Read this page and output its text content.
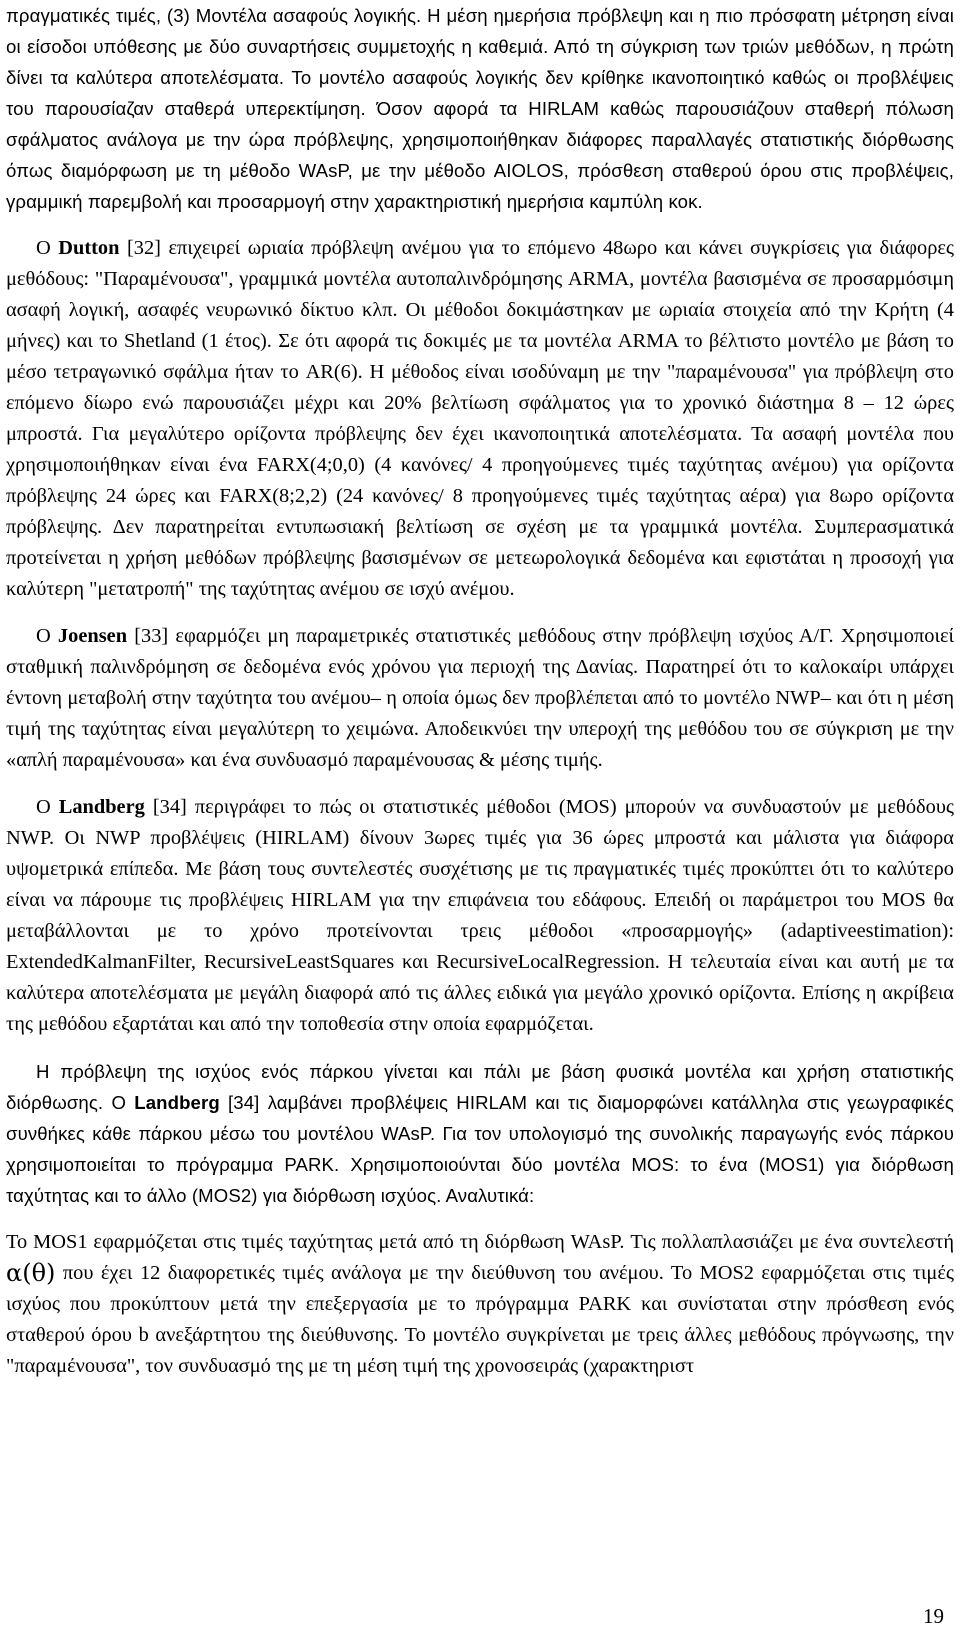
πραγματικές τιμές, (3) Μοντέλα ασαφούς λογικής. Η μέση ημερήσια πρόβλεψη και η πιο πρόσφατη μέτρηση είναι οι είσοδοι υπόθεσης με δύο συναρτήσεις συμμετοχής η καθεμιά. Από τη σύγκριση των τριών μεθόδων, η πρώτη δίνει τα καλύτερα αποτελέσματα. Το μοντέλο ασαφούς λογικής δεν κρίθηκε ικανοποιητικό καθώς οι προβλέψεις του παρουσίαζαν σταθερά υπερεκτίμηση. Όσον αφορά τα HIRLAM καθώς παρουσιάζουν σταθερή πόλωση σφάλματος ανάλογα με την ώρα πρόβλεψης, χρησιμοποιήθηκαν διάφορες παραλλαγές στατιστικής διόρθωσης όπως διαμόρφωση με τη μέθοδο WAsP, με την μέθοδο AIOLOS, πρόσθεση σταθερού όρου στις προβλέψεις, γραμμική παρεμβολή και προσαρμογή στην χαρακτηριστική ημερήσια καμπύλη κοκ.

Ο Dutton [32] επιχειρεί ωριαία πρόβλεψη ανέμου για το επόμενο 48ωρο και κάνει συγκρίσεις για διάφορες μεθόδους: "Παραμένουσα", γραμμικά μοντέλα αυτοπαλινδρόμησης ARMA, μοντέλα βασισμένα σε προσαρμόσιμη ασαφή λογική, ασαφές νευρωνικό δίκτυο κλπ. Οι μέθοδοι δοκιμάστηκαν με ωριαία στοιχεία από την Κρήτη (4 μήνες) και το Shetland (1 έτος). Σε ότι αφορά τις δοκιμές με τα μοντέλα ARMA το βέλτιστο μοντέλο με βάση το μέσο τετραγωνικό σφάλμα ήταν το AR(6). Η μέθοδος είναι ισοδύναμη με την "παραμένουσα" για πρόβλεψη στο επόμενο δίωρο ενώ παρουσιάζει μέχρι και 20% βελτίωση σφάλματος για το χρονικό διάστημα 8 – 12 ώρες μπροστά. Για μεγαλύτερο ορίζοντα πρόβλεψης δεν έχει ικανοποιητικά αποτελέσματα. Τα ασαφή μοντέλα που χρησιμοποιήθηκαν είναι ένα FARX(4;0,0) (4 κανόνες/ 4 προηγούμενες τιμές ταχύτητας ανέμου) για ορίζοντα πρόβλεψης 24 ώρες και FARX(8;2,2) (24 κανόνες/ 8 προηγούμενες τιμές ταχύτητας αέρα) για 8ωρο ορίζοντα πρόβλεψης. Δεν παρατηρείται εντυπωσιακή βελτίωση σε σχέση με τα γραμμικά μοντέλα. Συμπερασματικά προτείνεται η χρήση μεθόδων πρόβλεψης βασισμένων σε μετεωρολογικά δεδομένα και εφιστάται η προσοχή για καλύτερη "μετατροπή" της ταχύτητας ανέμου σε ισχύ ανέμου.

Ο Joensen [33] εφαρμόζει μη παραμετρικές στατιστικές μεθόδους στην πρόβλεψη ισχύος Α/Γ. Χρησιμοποιεί σταθμική παλινδρόμηση σε δεδομένα ενός χρόνου για περιοχή της Δανίας. Παρατηρεί ότι το καλοκαίρι υπάρχει έντονη μεταβολή στην ταχύτητα του ανέμου– η οποία όμως δεν προβλέπεται από το μοντέλο NWP– και ότι η μέση τιμή της ταχύτητας είναι μεγαλύτερη το χειμώνα. Αποδεικνύει την υπεροχή της μεθόδου του σε σύγκριση με την «απλή παραμένουσα» και ένα συνδυασμό παραμένουσας & μέσης τιμής.

Ο Landberg [34] περιγράφει το πώς οι στατιστικές μέθοδοι (MOS) μπορούν να συνδυαστούν με μεθόδους NWP. Οι NWP προβλέψεις (HIRLAM) δίνουν 3ωρες τιμές για 36 ώρες μπροστά και μάλιστα για διάφορα υψομετρικά επίπεδα. Με βάση τους συντελεστές συσχέτισης με τις πραγματικές τιμές προκύπτει ότι το καλύτερο είναι να πάρουμε τις προβλέψεις HIRLAM για την επιφάνεια του εδάφους. Επειδή οι παράμετροι του MOS θα μεταβάλλονται με το χρόνο προτείνονται τρεις μέθοδοι «προσαρμογής» (adaptiveestimation): ExtendedKalmanFilter, RecursiveLeastSquares και RecursiveLocalRegression. Η τελευταία είναι και αυτή με τα καλύτερα αποτελέσματα με μεγάλη διαφορά από τις άλλες ειδικά για μεγάλο χρονικό ορίζοντα. Επίσης η ακρίβεια της μεθόδου εξαρτάται και από την τοποθεσία στην οποία εφαρμόζεται.

Η πρόβλεψη της ισχύος ενός πάρκου γίνεται και πάλι με βάση φυσικά μοντέλα και χρήση στατιστικής διόρθωσης. Ο Landberg [34] λαμβάνει προβλέψεις HIRLAM και τις διαμορφώνει κατάλληλα στις γεωγραφικές συνθήκες κάθε πάρκου μέσω του μοντέλου WAsP. Για τον υπολογισμό της συνολικής παραγωγής ενός πάρκου χρησιμοποιείται το πρόγραμμα PARK. Χρησιμοποιούνται δύο μοντέλα MOS: το ένα (MOS1) για διόρθωση ταχύτητας και το άλλο (MOS2) για διόρθωση ισχύος. Αναλυτικά:

Το MOS1 εφαρμόζεται στις τιμές ταχύτητας μετά από τη διόρθωση WAsP. Τις πολλαπλασιάζει με ένα συντελεστή α(θ) που έχει 12 διαφορετικές τιμές ανάλογα με την διεύθυνση του ανέμου. Το MOS2 εφαρμόζεται στις τιμές ισχύος που προκύπτουν μετά την επεξεργασία με το πρόγραμμα PARK και συνίσταται στην πρόσθεση ενός σταθερού όρου b ανεξάρτητου της διεύθυνσης. Το μοντέλο συγκρίνεται με τρεις άλλες μεθόδους πρόγνωσης, την "παραμένουσα", τον συνδυασμό της με τη μέση τιμή της χρονοσειράς (χαρακτηριστ

19
